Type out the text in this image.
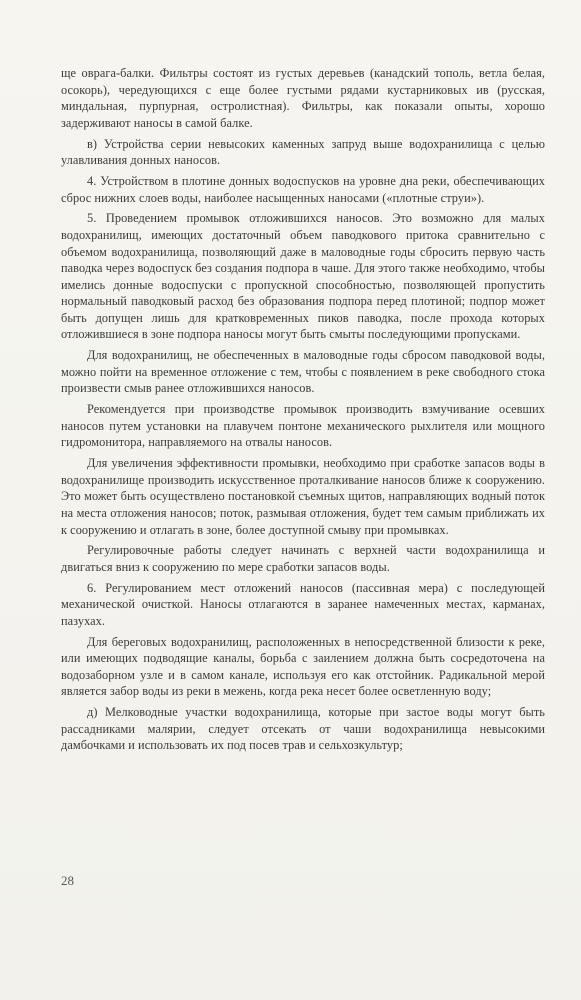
ще оврага-балки. Фильтры состоят из густых деревьев (канадский тополь, ветла белая, осокорь), чередующихся с еще более густыми рядами кустарниковых ив (русская, миндальная, пурпурная, остролистная). Фильтры, как показали опыты, хорошо задерживают наносы в самой балке.

в) Устройства серии невысоких каменных запруд выше водохранилища с целью улавливания донных наносов.

4. Устройством в плотине донных водоспусков на уровне дна реки, обеспечивающих сброс нижних слоев воды, наиболее насыщенных наносами («плотные струи»).

5. Проведением промывок отложившихся наносов. Это возможно для малых водохранилищ, имеющих достаточный объем паводкового притока сравнительно с объемом водохранилища, позволяющий даже в маловодные годы сбросить первую часть паводка через водоспуск без создания подпора в чаше. Для этого также необходимо, чтобы имелись донные водоспуски с пропускной способностью, позволяющей пропустить нормальный паводковый расход без образования подпора перед плотиной; подпор может быть допущен лишь для кратковременных пиков паводка, после прохода которых отложившиеся в зоне подпора наносы могут быть смыты последующими пропусками.

Для водохранилищ, не обеспеченных в маловодные годы сбросом паводковой воды, можно пойти на временное отложение с тем, чтобы с появлением в реке свободного стока произвести смыв ранее отложившихся наносов.

Рекомендуется при производстве промывок производить взмучивание осевших наносов путем установки на плавучем понтоне механического рыхлителя или мощного гидромонитора, направляемого на отвалы наносов.

Для увеличения эффективности промывки, необходимо при сработке запасов воды в водохранилище производить искусственное проталкивание наносов ближе к сооружению. Это может быть осуществлено постановкой съемных щитов, направляющих водный поток на места отложения наносов; поток, размывая отложения, будет тем самым приближать их к сооружению и отлагать в зоне, более доступной смыву при промывках.

Регулировочные работы следует начинать с верхней части водохранилища и двигаться вниз к сооружению по мере сработки запасов воды.

6. Регулированием мест отложений наносов (пассивная мера) с последующей механической очисткой. Наносы отлагаются в заранее намеченных местах, карманах, пазухах.

Для береговых водохранилищ, расположенных в непосредственной близости к реке, или имеющих подводящие каналы, борьба с заилением должна быть сосредоточена на водозаборном узле и в самом канале, используя его как отстойник. Радикальной мерой является забор воды из реки в межень, когда река несет более осветленную воду;

д) Мелководные участки водохранилища, которые при застое воды могут быть рассадниками малярии, следует отсекать от чаши водохранилища невысокими дамбочками и использовать их под посев трав и сельхозкультур;

28
